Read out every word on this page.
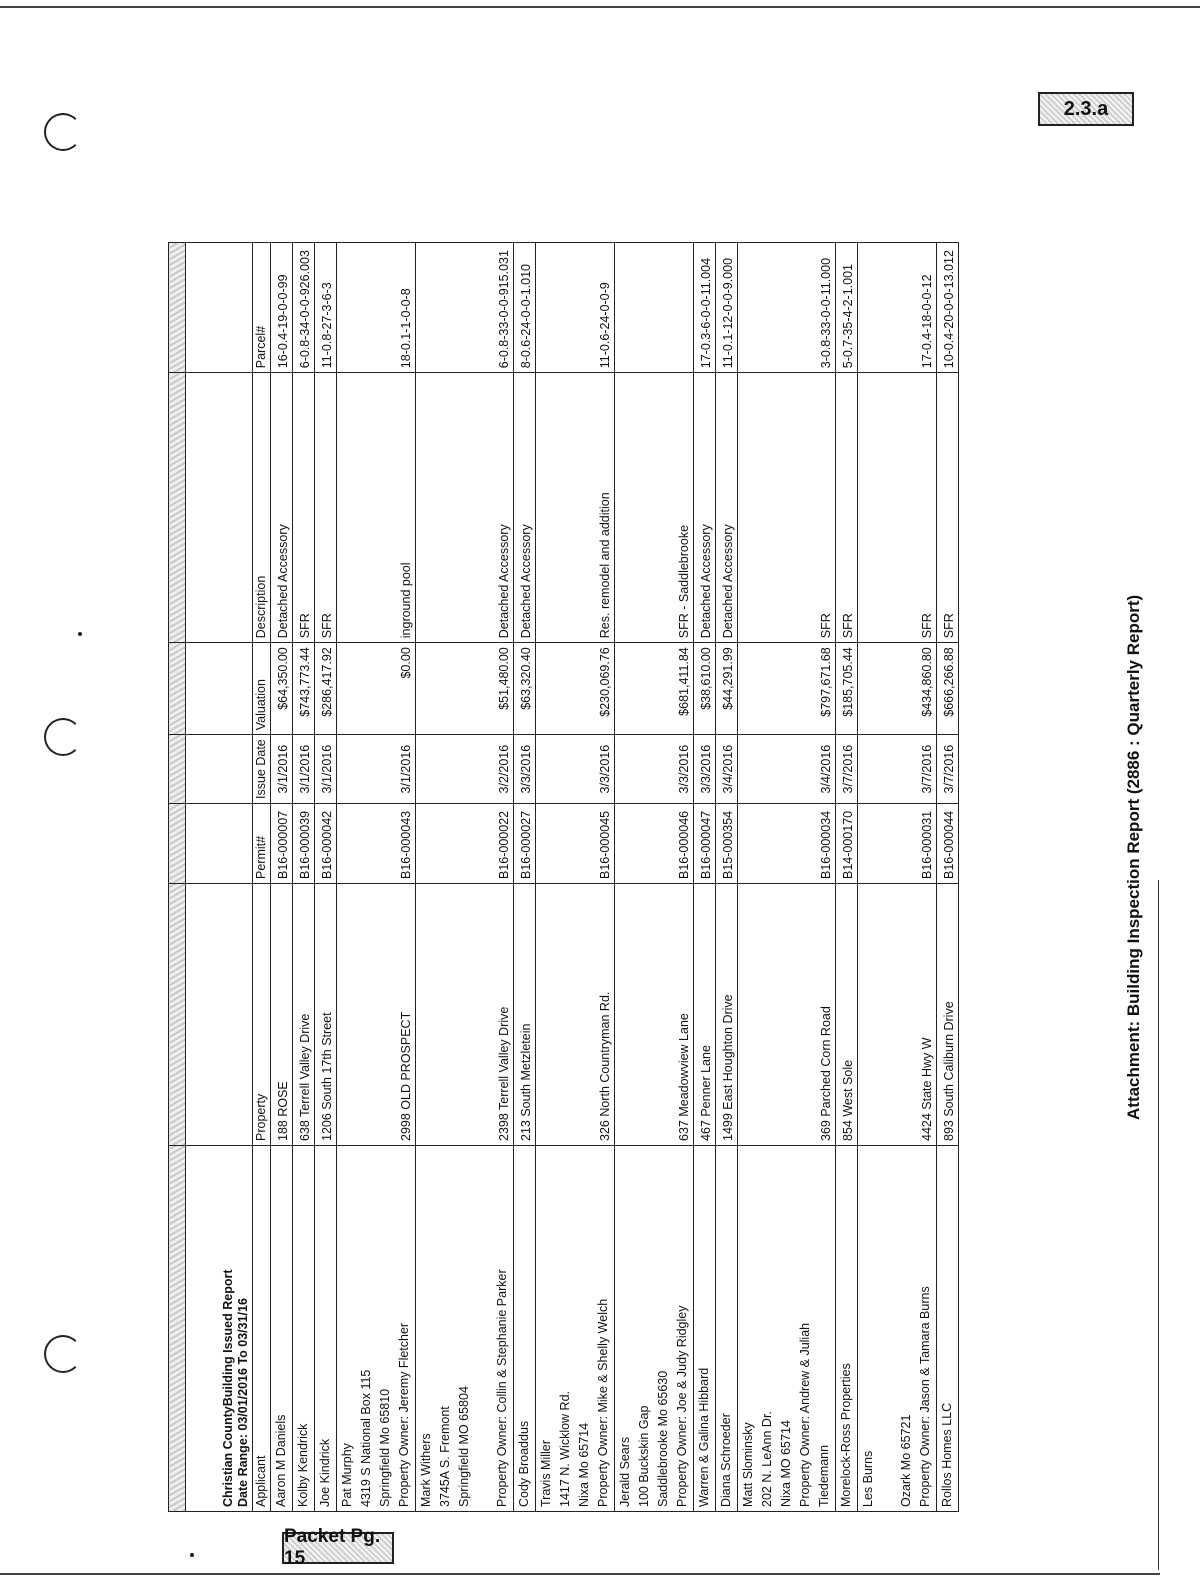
2.3.a
Packet Pg. 15

Christian CountyBuilding Issued Report Date Range: 03/01/2016 To 03/31/16						

Applicant	Property	Permit#	Issue Date	Valuation	Description	Parcel#

Aaron M Daniels	188 ROSE	B16-000007	3/1/2016	$64,350.00	Detached Accessory	16-0.4-19-0-0-99

Kolby Kendrick	638 Terrell Valley Drive	B16-000039	3/1/2016	$743,773.44	SFR	6-0.8-34-0-0-926.003

Joe Kindrick	1206 South 17th Street	B16-000042	3/1/2016	$286,417.92	SFR	11-0.8-27-3-6-3

Pat Murphy 4319 S National Box 115 Springfield Mo 65810 Property Owner: Jeremy Fletcher	2998 OLD PROSPECT	B16-000043	3/1/2016	$0.00	inground pool	18-0.1-1-0-0-8

Mark Withers 3745A S. Fremont Springfield MO 65804
Property Owner: Collin & Stephanie Parker	2398 Terrell Valley Drive	B16-000022	3/2/2016	$51,480.00	Detached Accessory	6-0.8-33-0-0-915.031

Cody Broaddus	213 South Metzletein	B16-000027	3/3/2016	$63,320.40	Detached Accessory	8-0.6-24-0-0-1.010

Travis Miller 1417 N. Wicklow Rd. Nixa Mo 65714 Property Owner: Mike & Shelly Welch	326 North Countryman Rd.	B16-000045	3/3/2016	$230,069.76	Res. remodel and addition	11-0.6-24-0-0-9

Jerald Sears 100 Buckskin Gap Saddlebrooke Mo 65630 Property Owner: Joe & Judy Ridgley	637 Meadowview Lane	B16-000046	3/3/2016	$681,411.84	SFR - Saddlebrooke	

Warren & Galina Hibbard	467 Penner Lane	B16-000047	3/3/2016	$38,610.00	Detached Accessory	17-0.3-6-0-0-11.004

Diana Schroeder	1499 East Houghton Drive	B15-000354	3/4/2016	$44,291.99	Detached Accessory	11-0.1-12-0-0-9.000

Matt Slominsky 202 N. LeAnn Dr. Nixa MO 65714 Property Owner: Andrew & Juliah Tiedemann	369 Parched Corn Road	B16-000034	3/4/2016	$797,671.68	SFR	3-0.8-33-0-0-11.000

Morelock-Ross Properties	854 West Sole	B14-000170	3/7/2016	$185,705.44	SFR	5-0.7-35-4-2-1.001

Les Burns
Ozark Mo 65721 Property Owner: Jason & Tamara Burns	4424 State Hwy W	B16-000031	3/7/2016	$434,860.80	SFR	17-0.4-18-0-0-12

Rollos Homes LLC	893 South Caliburn Drive	B16-000044	3/7/2016	$666,266.88	SFR	10-0.4-20-0-0-13.012
Attachment: Building Inspection Report (2886 : Quarterly Report)
